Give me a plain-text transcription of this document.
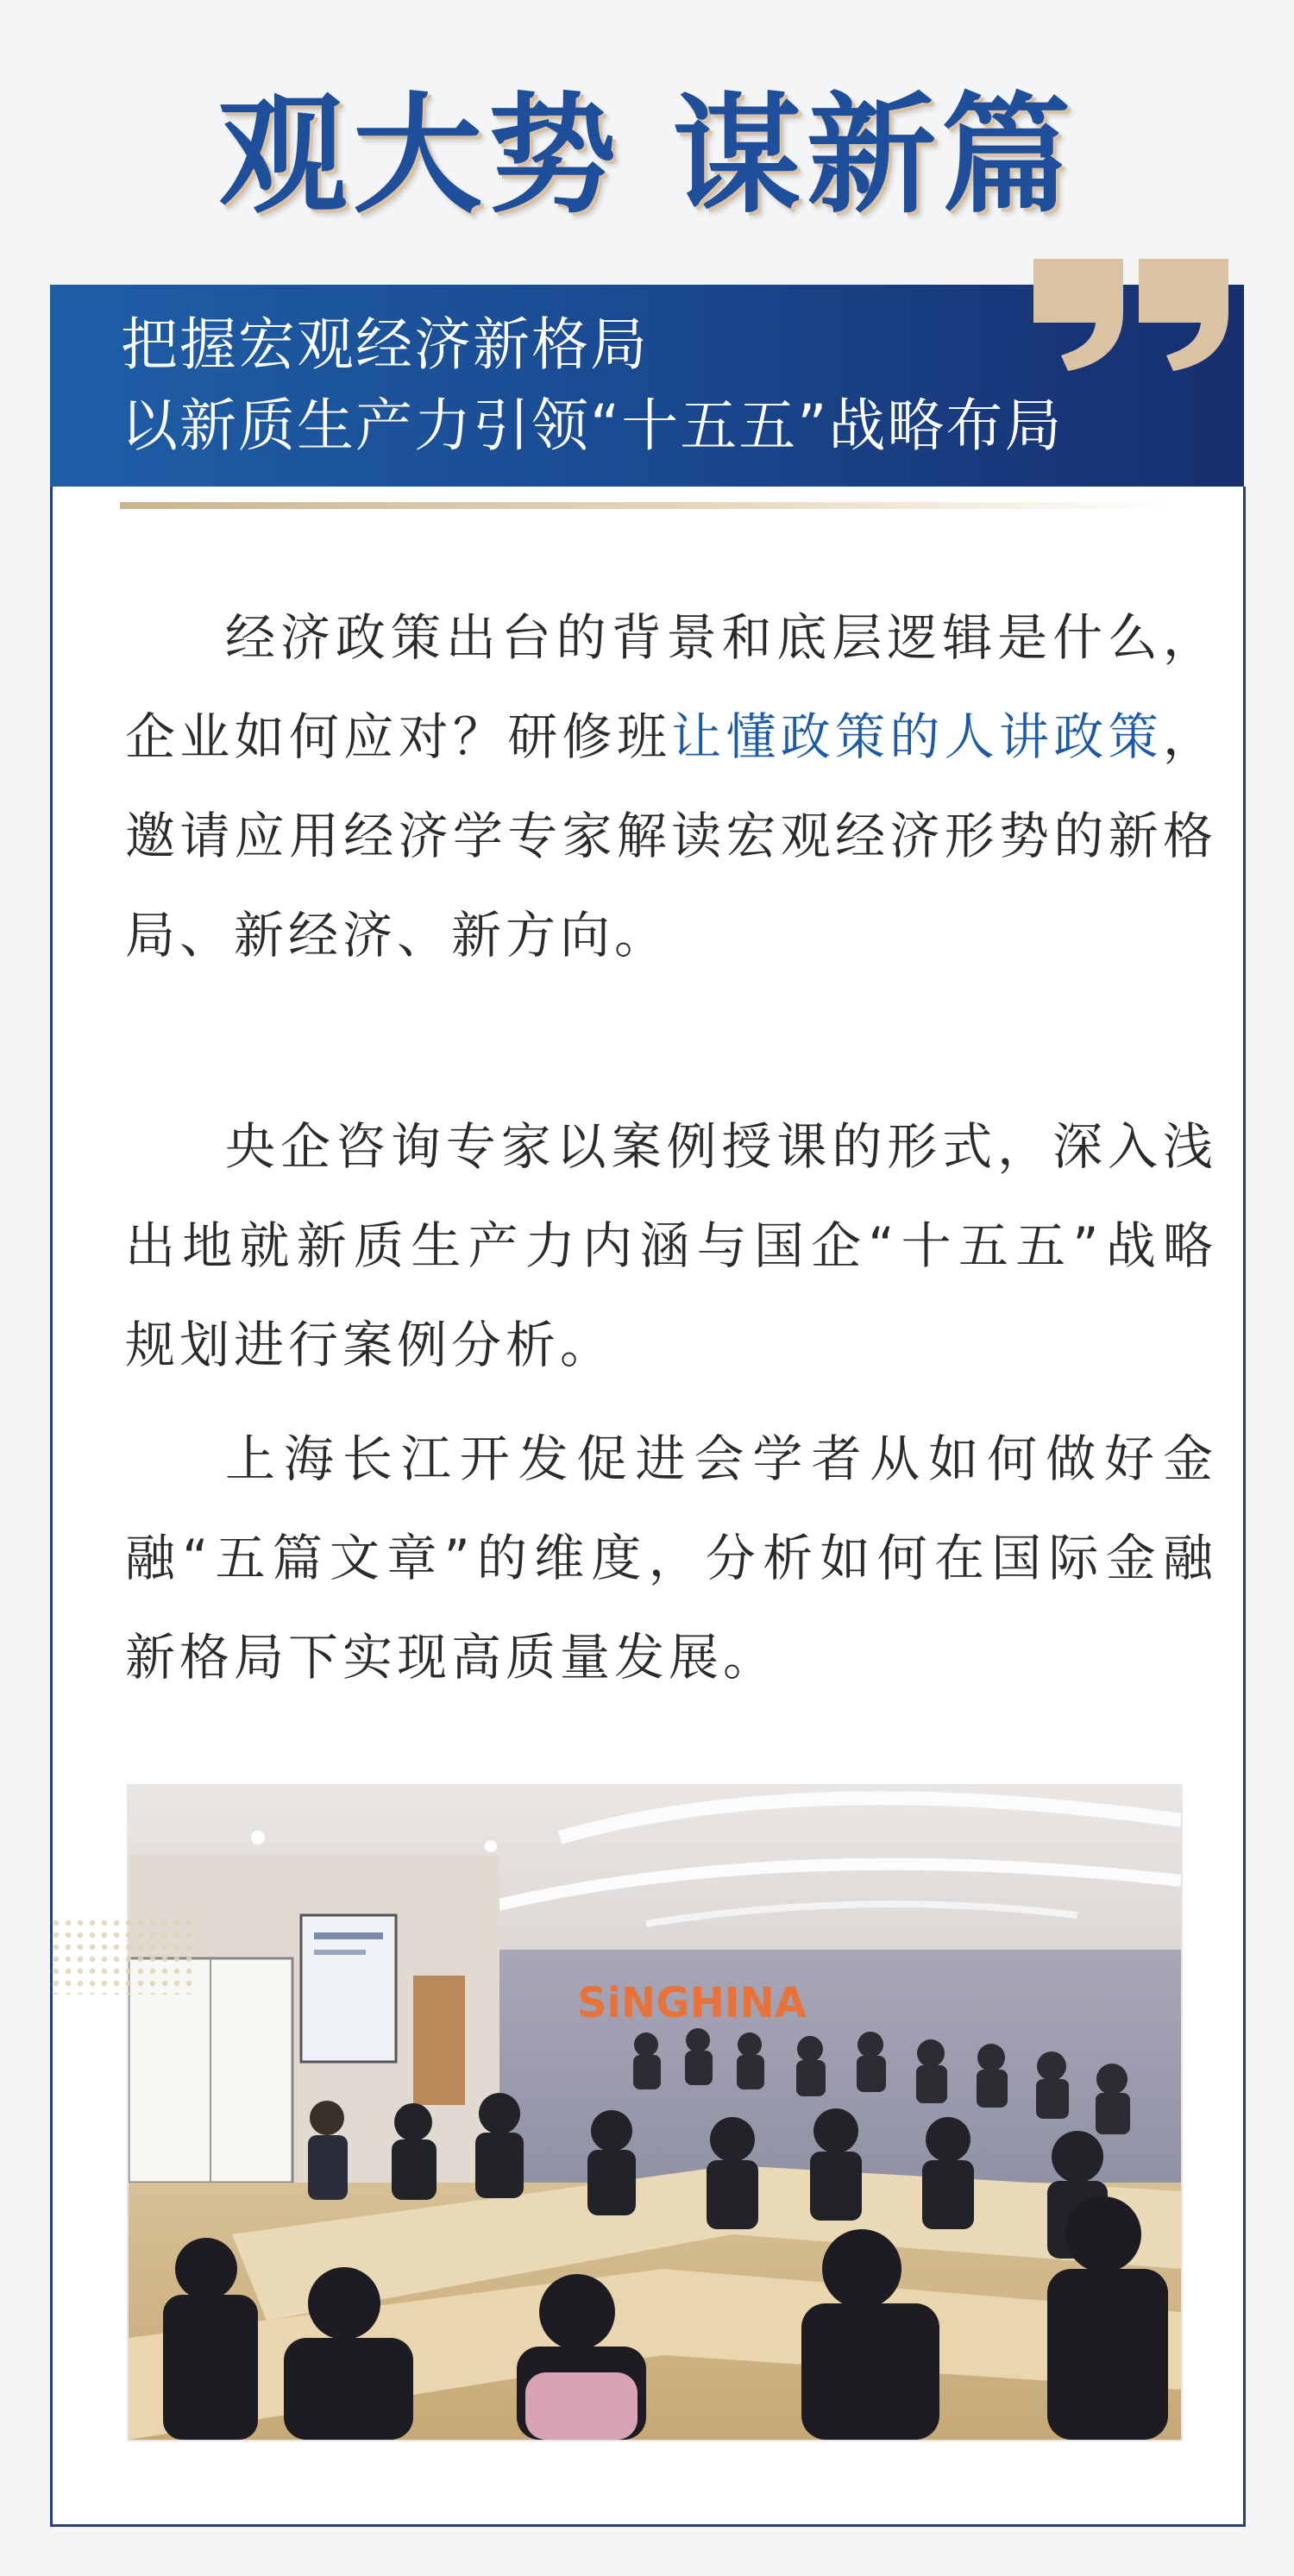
观大势 谋新篇
把握宏观经济新格局
以新质生产力引领“十五五”战略布局

经济政策出台的背景和底层逻辑是什么，企业如何应对？研修班让懂政策的人讲政策，邀请应用经济学专家解读宏观经济形势的新格局、新经济、新方向。

央企咨询专家以案例授课的形式，深入浅出地就新质生产力内涵与国企“十五五”战略规划进行案例分析。

上海长江开发促进会学者从如何做好金融“五篇文章”的维度，分析如何在国际金融新格局下实现高质量发展。

SiNGHINA
